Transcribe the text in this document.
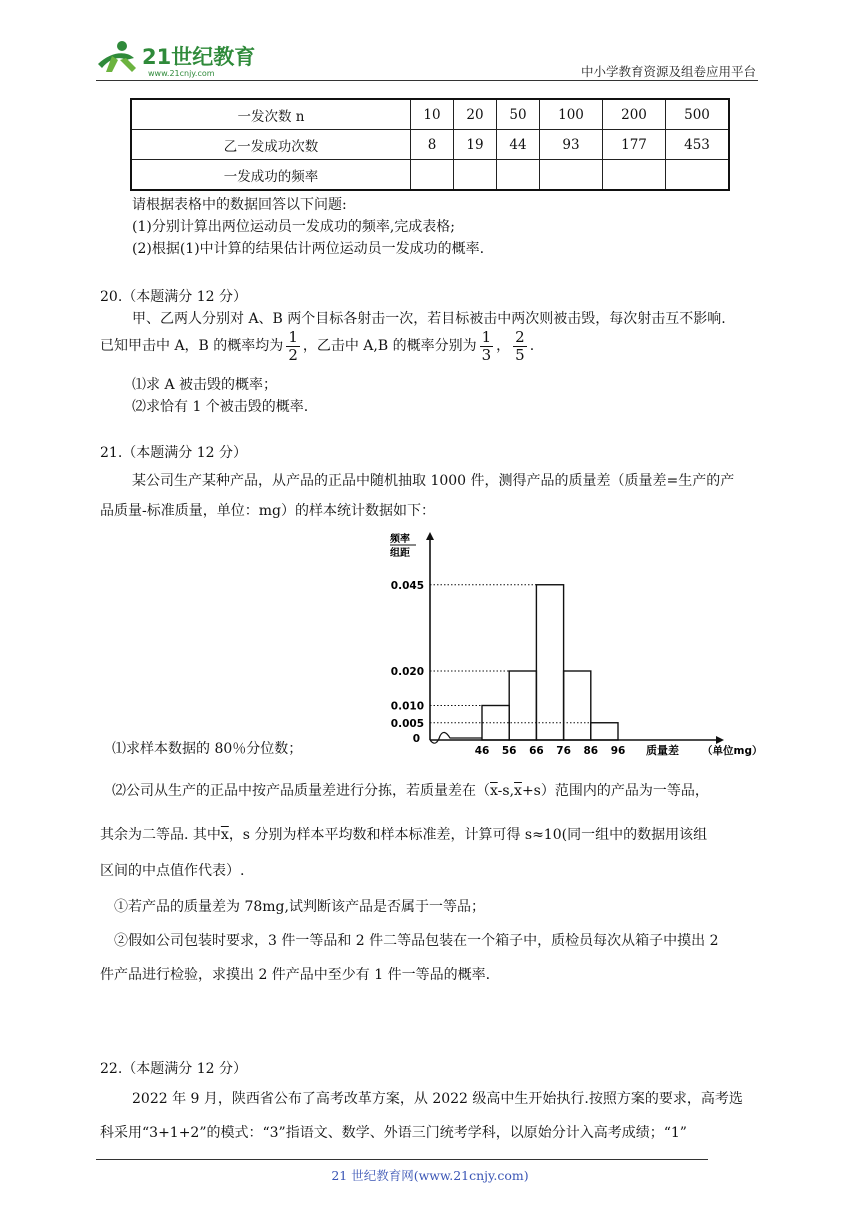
21世纪教育
www.21cnjy.com	中小学教育资源及组卷应用平台
一发次数 n	10	20	50	100	200	500
乙一发成功次数	8	19	44	93	177	453
一发成功的频率						
请根据表格中的数据回答以下问题:
(1)分别计算出两位运动员一发成功的频率,完成表格;
(2)根据(1)中计算的结果估计两位运动员一发成功的概率.
20.（本题满分 12 分）
甲、乙两人分别对 A、B 两个目标各射击一次，若目标被击中两次则被击毁，每次射击互不影响.
已知甲击中 A，B 的概率均为 $\frac{1}{2}$ ，乙击中 A,B 的概率分别为 $\frac{1}{3}$ ， $\frac{2}{5}$ .
⑴求 A 被击毁的概率；
⑵求恰有 1 个被击毁的概率.
21.（本题满分 12 分）
某公司生产某种产品，从产品的正品中随机抽取 1000 件，测得产品的质量差（质量差=生产的产
品质量-标准质量，单位：mg）的样本统计数据如下：
频率
组距
0.045
0.020
0.010
0.005
0
46 56 66 76 86 96 质量差 （单位mg）
⑴求样本数据的 80％分位数；
⑵公司从生产的正品中按产品质量差进行分拣，若质量差在$(\overline{x}-s,\overline{x}+s)$范围内的产品为一等品，
其余为二等品. 其中$\overline{x}$，s 分别为样本平均数和样本标准差，计算可得 s≈10(同一组中的数据用该组
区间的中点值作代表）.
①若产品的质量差为 78mg,试判断该产品是否属于一等品；
②假如公司包装时要求，3 件一等品和 2 件二等品包装在一个箱子中，质检员每次从箱子中摸出 2
件产品进行检验，求摸出 2 件产品中至少有 1 件一等品的概率.
22.（本题满分 12 分）
2022 年 9 月，陕西省公布了高考改革方案，从 2022 级高中生开始执行.按照方案的要求，高考选
科采用“3+1+2”的模式：“3”指语文、数学、外语三门统考学科，以原始分计入高考成绩；“1”
21 世纪教育网(www.21cnjy.com)
